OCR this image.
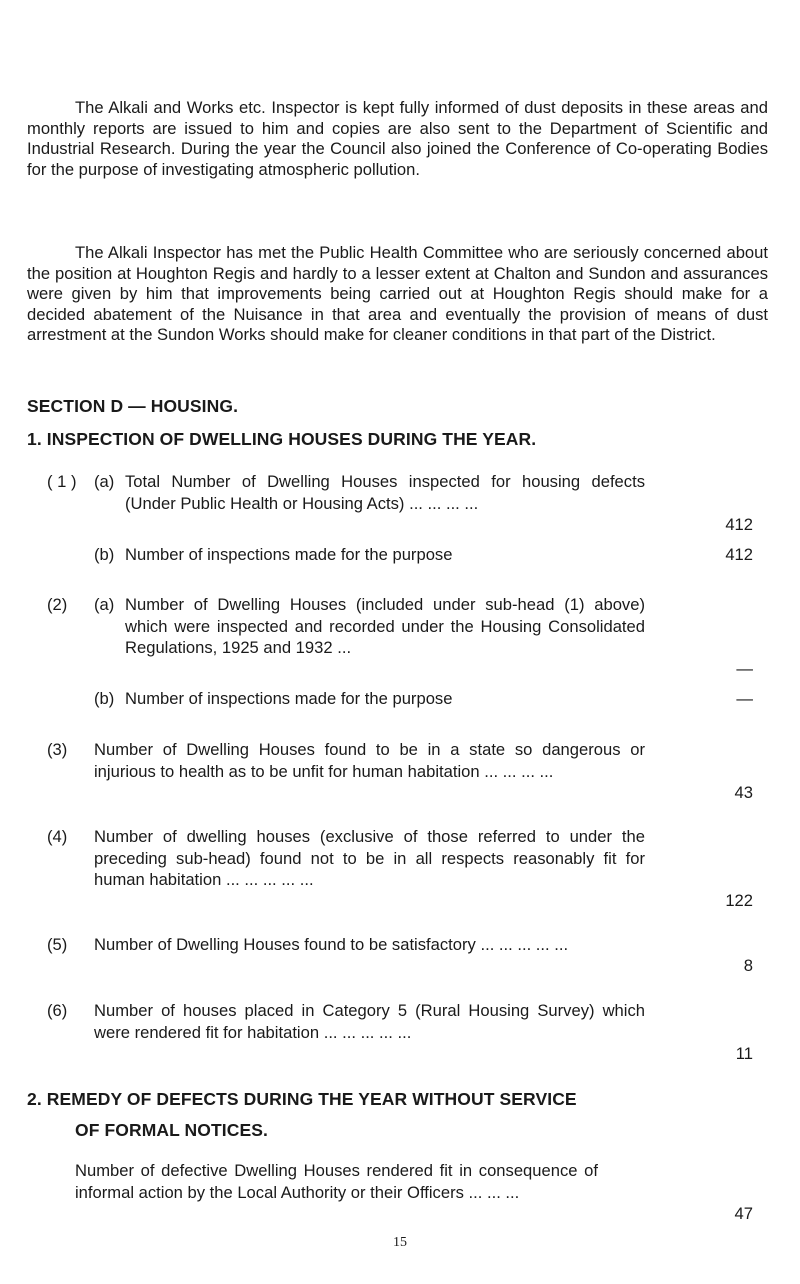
The Alkali and Works etc. Inspector is kept fully informed of dust deposits in these areas and monthly reports are issued to him and copies are also sent to the Department of Scientific and Industrial Research. During the year the Council also joined the Conference of Co-operating Bodies for the purpose of investigating atmospheric pollution.

The Alkali Inspector has met the Public Health Committee who are seriously concerned about the position at Houghton Regis and hardly to a lesser extent at Chalton and Sundon and assurances were given by him that improvements being carried out at Houghton Regis should make for a decided abatement of the Nuisance in that area and eventually the provision of means of dust arrestment at the Sundon Works should make for cleaner conditions in that part of the District.

SECTION D — HOUSING.

1. INSPECTION OF DWELLING HOUSES DURING THE YEAR.

( 1 )	(a) Total Number of Dwelling Houses inspected for housing defects (Under Public Health or Housing Acts) ... ... ... ...
412
(b) Number of inspections made for the purpose	412
(2)	(a) Number of Dwelling Houses (included under sub-head (1) above) which were inspected and recorded under the Housing Consolidated Regulations, 1925 and 1932 ...
—
(b) Number of inspections made for the purpose	—
(3)	Number of Dwelling Houses found to be in a state so dangerous or injurious to health as to be unfit for human habitation ... ... ... ...
43
(4)	Number of dwelling houses (exclusive of those referred to under the preceding sub-head) found not to be in all respects reasonably fit for human habitation ... ... ... ... ...
122
(5)	Number of Dwelling Houses found to be satisfactory ... ... ... ... ...
8
(6)	Number of houses placed in Category 5 (Rural Housing Survey) which were rendered fit for habitation ... ... ... ... ...
11

2. REMEDY OF DEFECTS DURING THE YEAR WITHOUT SERVICE

OF FORMAL NOTICES.

Number of defective Dwelling Houses rendered fit in consequence of informal action by the Local Authority or their Officers ... ... ...
47
15
